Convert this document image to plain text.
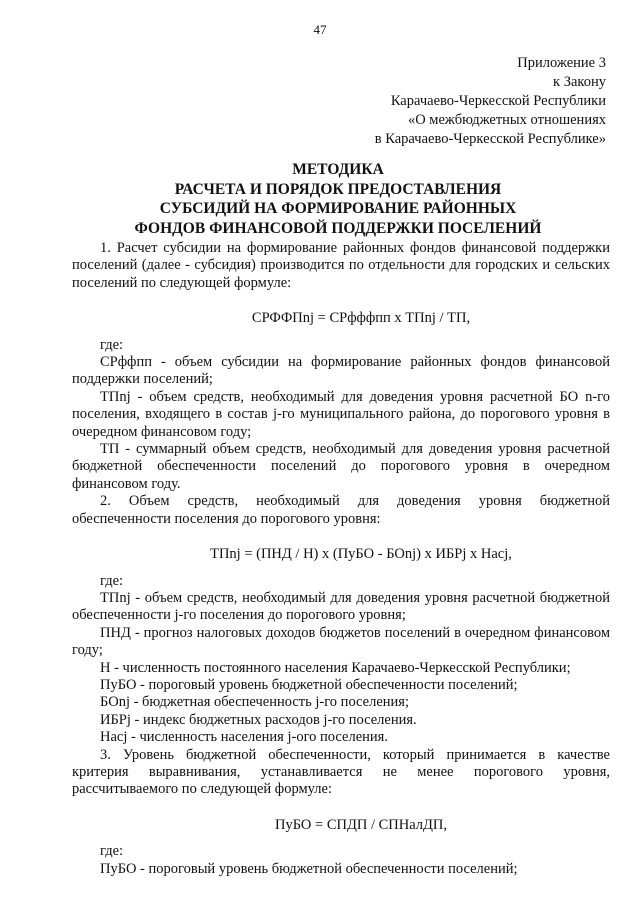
47
Приложение 3
к Закону
Карачаево-Черкесской Республики
«О межбюджетных отношениях
в Карачаево-Черкесской Республике»
МЕТОДИКА
РАСЧЕТА И ПОРЯДОК ПРЕДОСТАВЛЕНИЯ
СУБСИДИЙ НА ФОРМИРОВАНИЕ РАЙОННЫХ
ФОНДОВ ФИНАНСОВОЙ ПОДДЕРЖКИ ПОСЕЛЕНИЙ

1. Расчет субсидии на формирование районных фондов финансовой поддержки поселений (далее - субсидия) производится по отдельности для городских и сельских поселений по следующей формуле:

СРФФПnj = СРфффпп х ТПnj / ТП,

где:

СРффпп - объем субсидии на формирование районных фондов финансовой поддержки поселений;

ТПnj - объем средств, необходимый для доведения уровня расчетной БО n-го поселения, входящего в состав j-го муниципального района, до порогового уровня в очередном финансовом году;

ТП - суммарный объем средств, необходимый для доведения уровня расчетной бюджетной обеспеченности поселений до порогового уровня в очередном финансовом году.

2. Объем средств, необходимый для доведения уровня бюджетной обеспеченности поселения до порогового уровня:

ТПnj = (ПНД / Н) х (ПуБО - БОnj) х ИБРj х Насj,

где:

ТПnj - объем средств, необходимый для доведения уровня расчетной бюджетной обеспеченности j-го поселения до порогового уровня;

ПНД - прогноз налоговых доходов бюджетов поселений в очередном финансовом году;

Н - численность постоянного населения Карачаево-Черкесской Республики;

ПуБО - пороговый уровень бюджетной обеспеченности поселений;

БОnj - бюджетная обеспеченность j-го поселения;

ИБРj - индекс бюджетных расходов j-го поселения.

Насj - численность населения j-ого поселения.

3. Уровень бюджетной обеспеченности, который принимается в качестве критерия выравнивания, устанавливается не менее порогового уровня, рассчитываемого по следующей формуле:

ПуБО = СПДП / СПНалДП,

где:

ПуБО - пороговый уровень бюджетной обеспеченности поселений;
